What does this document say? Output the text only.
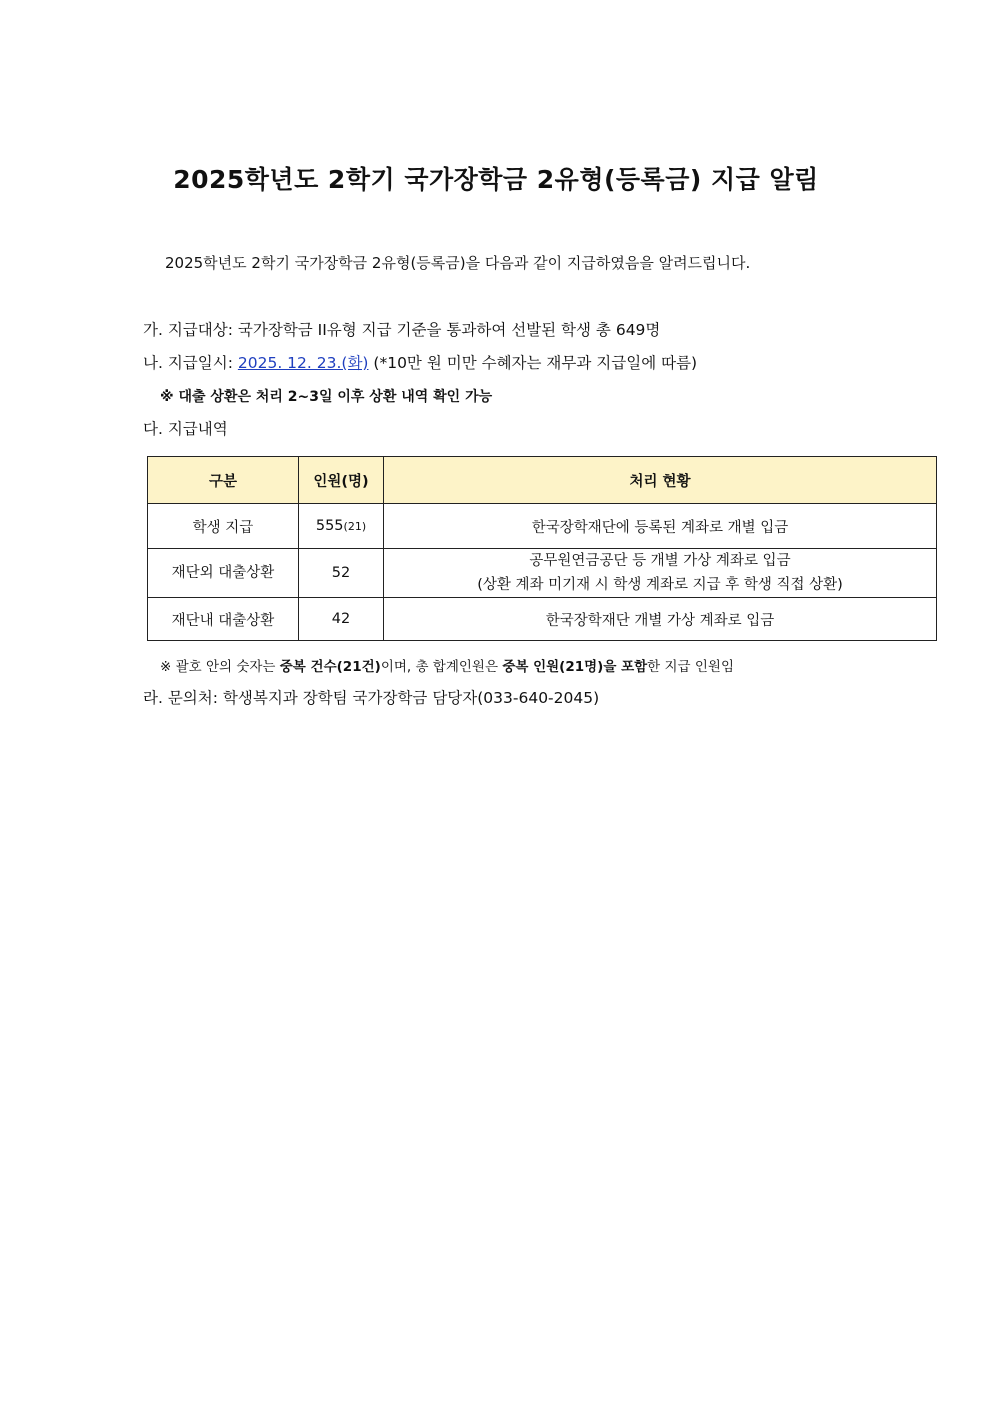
2025학년도 2학기 국가장학금 2유형(등록금) 지급 알림
2025학년도 2학기 국가장학금 2유형(등록금)을 다음과 같이 지급하였음을 알려드립니다.
가. 지급대상: 국가장학금 II유형 지급 기준을 통과하여 선발된 학생 총 649명
나. 지급일시: 2025. 12. 23.(화) (*10만 원 미만 수혜자는 재무과 지급일에 따름)
※ 대출 상환은 처리 2~3일 이후 상환 내역 확인 가능
다. 지급내역
구분	인원(명)	처리 현황
학생 지급	555(21)	한국장학재단에 등록된 계좌로 개별 입금
재단외 대출상환	52	공무원연금공단 등 개별 가상 계좌로 입금
(상환 계좌 미기재 시 학생 계좌로 지급 후 학생 직접 상환)

재단내 대출상환	42	한국장학재단 개별 가상 계좌로 입금
※ 괄호 안의 숫자는 중복 건수(21건)이며, 총 합계인원은 중복 인원(21명)을 포함한 지급 인원임
라. 문의처: 학생복지과 장학팀 국가장학금 담당자(033-640-2045)
